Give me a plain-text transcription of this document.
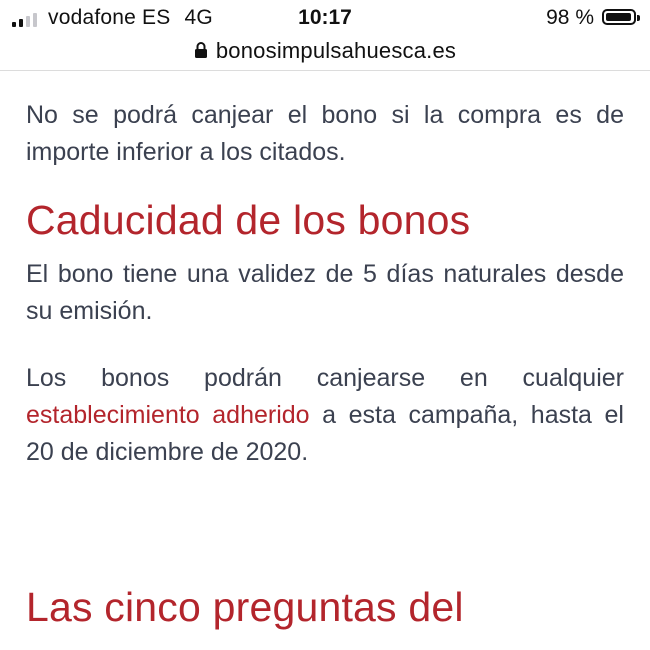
vodafone ES 4G	10:17	98 %
bonosimpulsahuesca.es

No se podrá canjear el bono si la compra es de importe inferior a los citados.

Caducidad de los bonos

El bono tiene una validez de 5 días naturales desde su emisión.

Los bonos podrán canjearse en cualquier establecimiento adherido a esta campaña, hasta el 20 de diciembre de 2020.

Las cinco preguntas del
